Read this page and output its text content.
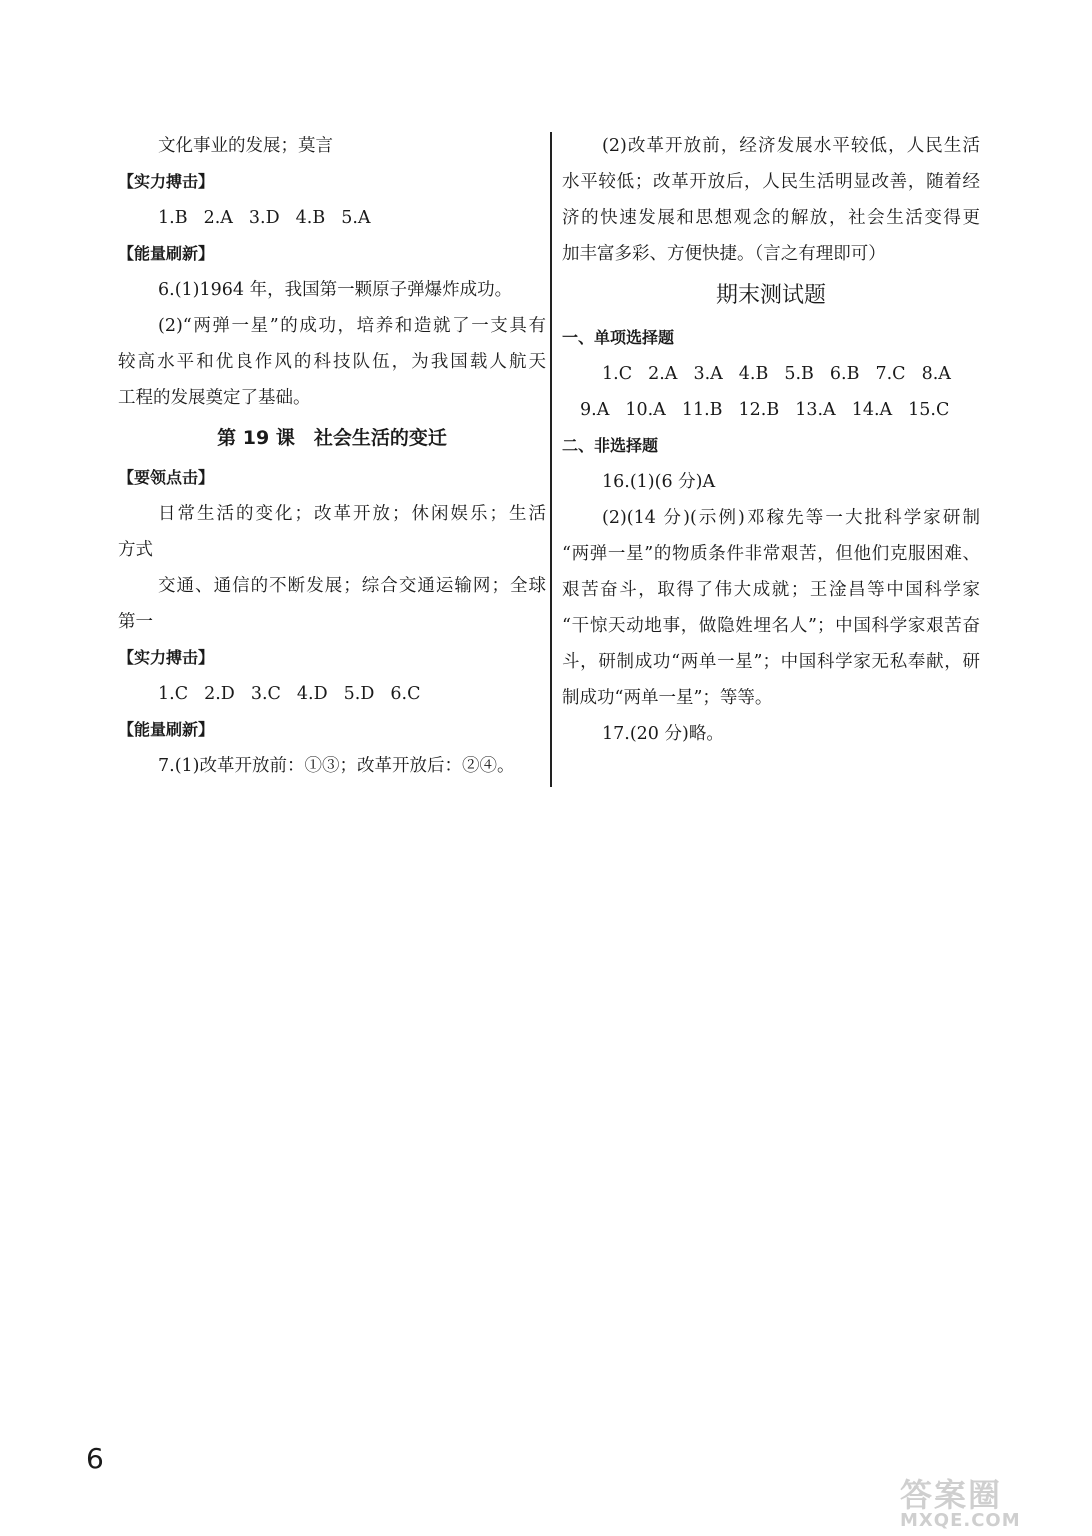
文化事业的发展；莫言
【实力搏击】
1.B 2.A 3.D 4.B 5.A
【能量刷新】
6.(1)1964 年，我国第一颗原子弹爆炸成功。
(2)“两弹一星”的成功，培养和造就了一支具有
较高水平和优良作风的科技队伍，为我国载人航天
工程的发展奠定了基础。
第 19 课　社会生活的变迁
【要领点击】
日常生活的变化；改革开放；休闲娱乐；生活
方式
交通、通信的不断发展；综合交通运输网；全球
第一
【实力搏击】
1.C 2.D 3.C 4.D 5.D 6.C
【能量刷新】
7.(1)改革开放前：①③；改革开放后：②④。
(2)改革开放前，经济发展水平较低，人民生活
水平较低；改革开放后，人民生活明显改善，随着经
济的快速发展和思想观念的解放，社会生活变得更
加丰富多彩、方便快捷。（言之有理即可）
期末测试题
一、单项选择题
1.C 2.A 3.A 4.B 5.B 6.B 7.C 8.A
9.A 10.A 11.B 12.B 13.A 14.A 15.C
二、非选择题
16.(1)(6 分)A
(2)(14 分)(示例)邓稼先等一大批科学家研制
“两弹一星”的物质条件非常艰苦，但他们克服困难、
艰苦奋斗，取得了伟大成就；王淦昌等中国科学家
“干惊天动地事，做隐姓埋名人”；中国科学家艰苦奋
斗，研制成功“两单一星”；中国科学家无私奉献，研
制成功“两单一星”；等等。
17.(20 分)略。
6
答案圈
MXQE.COM
